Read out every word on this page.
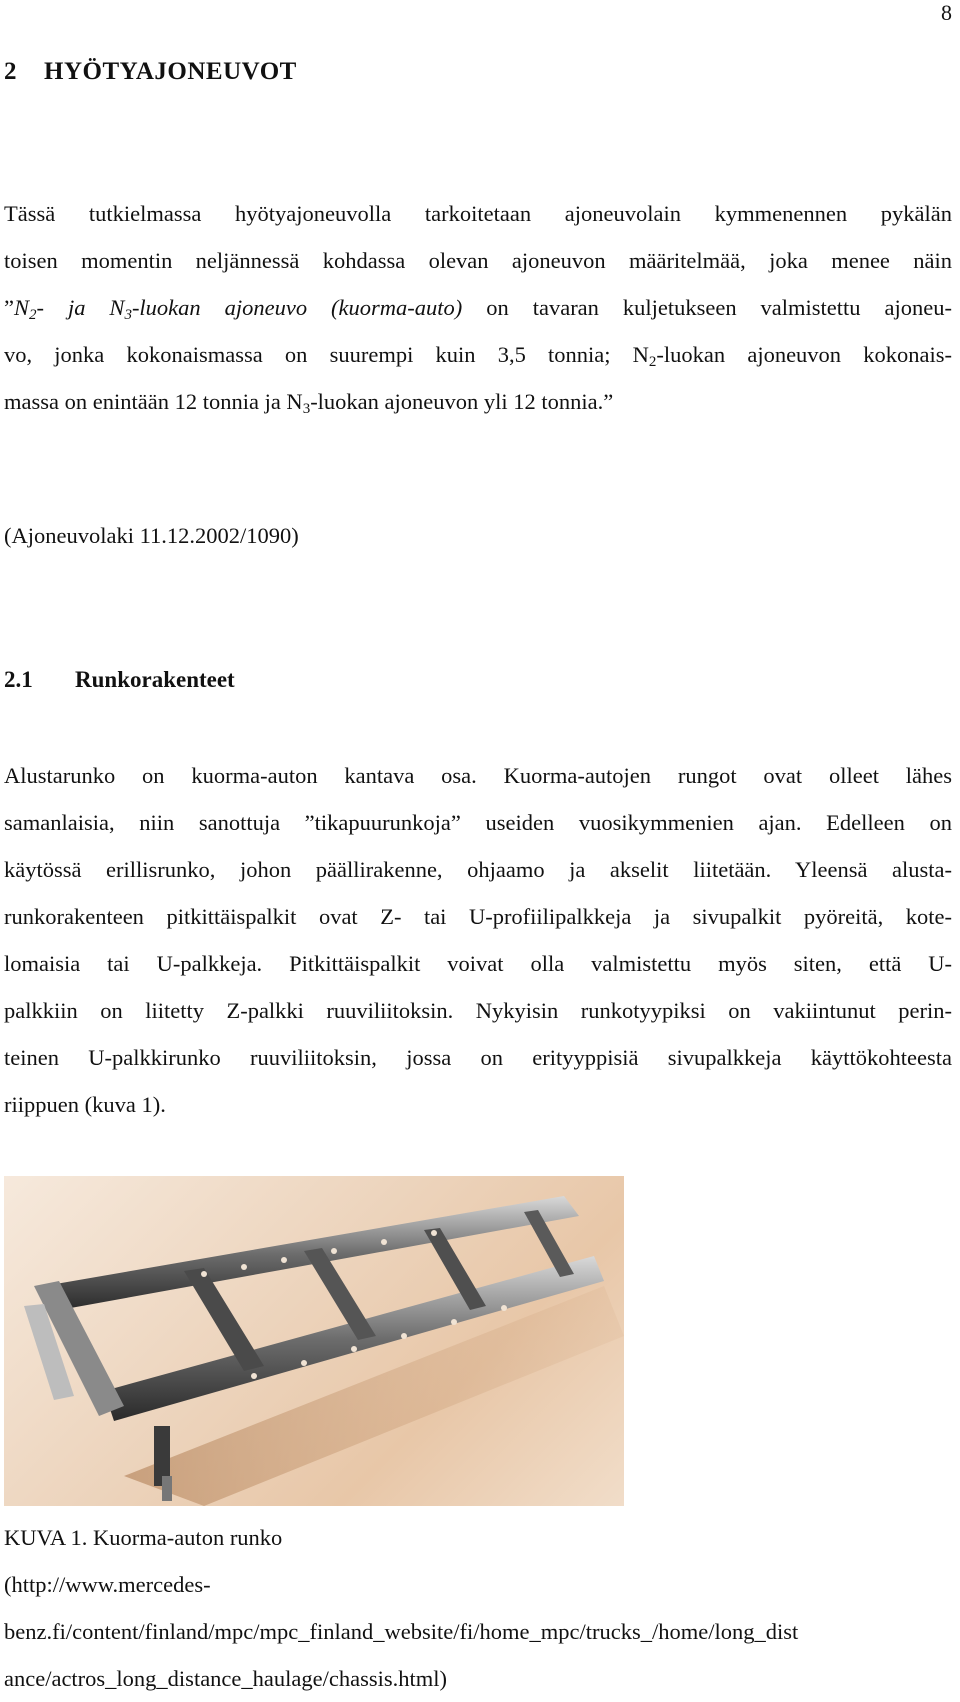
8
2 HYÖTYAJONEUVOT
Tässä tutkielmassa hyötyajoneuvolla tarkoitetaan ajoneuvolain kymmenennen pykälän
toisen momentin neljännessä kohdassa olevan ajoneuvon määritelmää, joka menee näin
$”N_2-$ ja $N_3$-luokan ajoneuvo (kuorma-auto) on tavaran kuljetukseen valmistettu ajoneu-
vo, jonka kokonaismassa on suurempi kuin 3,5 tonnia; $N_2$-luokan ajoneuvon kokonais-
massa on enintään 12 tonnia ja $N_3$-luokan ajoneuvon yli 12 tonnia.”
(Ajoneuvolaki 11.12.2002/1090)
2.1 Runkorakenteet
Alustarunko on kuorma-auton kantava osa. Kuorma-autojen rungot ovat olleet lähes
samanlaisia, niin sanottuja ”tikapuurunkoja” useiden vuosikymmenien ajan. Edelleen on
käytössä erillisrunko, johon päällirakenne, ohjaamo ja akselit liitetään. Yleensä alusta-
runkorakenteen pitkittäispalkit ovat Z- tai U-profiilipalkkeja ja sivupalkit pyöreitä, kote-
lomaisia tai U-palkkeja. Pitkittäispalkit voivat olla valmistettu myös siten, että U-
palkkiin on liitetty Z-palkki ruuviliitoksin. Nykyisin runkotyypiksi on vakiintunut perin-
teinen U-palkkirunko ruuviliitoksin, jossa on erityyppisiä sivupalkkeja käyttökohteesta
riippuen (kuva 1).
KUVA 1. Kuorma-auton runko
(http://www.mercedes-
benz.fi/content/finland/mpc/mpc_finland_website/fi/home_mpc/trucks_/home/long_dist
ance/actros_long_distance_haulage/chassis.html)
